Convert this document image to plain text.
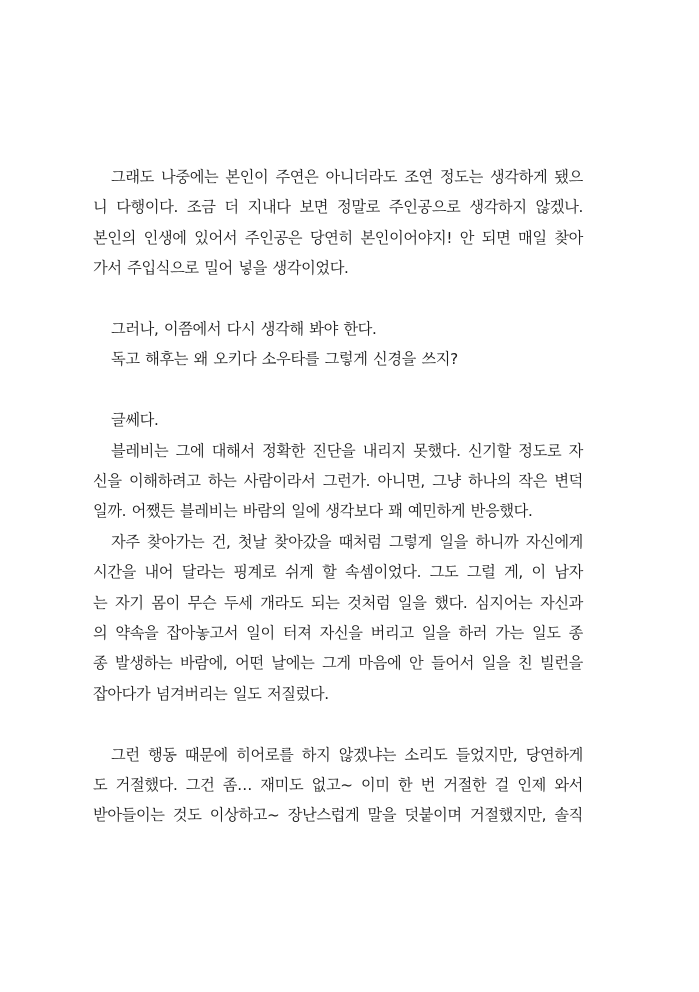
그래도 나중에는 본인이 주연은 아니더라도 조연 정도는 생각하게 됐으
니 다행이다. 조금 더 지내다 보면 정말로 주인공으로 생각하지 않겠나.
본인의 인생에 있어서 주인공은 당연히 본인이어야지! 안 되면 매일 찾아
가서 주입식으로 밀어 넣을 생각이었다.
그러나, 이쯤에서 다시 생각해 봐야 한다.
독고 해후는 왜 오키다 소우타를 그렇게 신경을 쓰지?
글쎄다.
블레비는 그에 대해서 정확한 진단을 내리지 못했다. 신기할 정도로 자
신을 이해하려고 하는 사람이라서 그런가. 아니면, 그냥 하나의 작은 변덕
일까. 어쨌든 블레비는 바람의 일에 생각보다 꽤 예민하게 반응했다.
자주 찾아가는 건, 첫날 찾아갔을 때처럼 그렇게 일을 하니까 자신에게
시간을 내어 달라는 핑계로 쉬게 할 속셈이었다. 그도 그럴 게, 이 남자
는 자기 몸이 무슨 두세 개라도 되는 것처럼 일을 했다. 심지어는 자신과
의 약속을 잡아놓고서 일이 터져 자신을 버리고 일을 하러 가는 일도 종
종 발생하는 바람에, 어떤 날에는 그게 마음에 안 들어서 일을 친 빌런을
잡아다가 넘겨버리는 일도 저질렀다.
그런 행동 때문에 히어로를 하지 않겠냐는 소리도 들었지만, 당연하게
도 거절했다. 그건 좀… 재미도 없고~ 이미 한 번 거절한 걸 인제 와서
받아들이는 것도 이상하고~ 장난스럽게 말을 덧붙이며 거절했지만, 솔직
